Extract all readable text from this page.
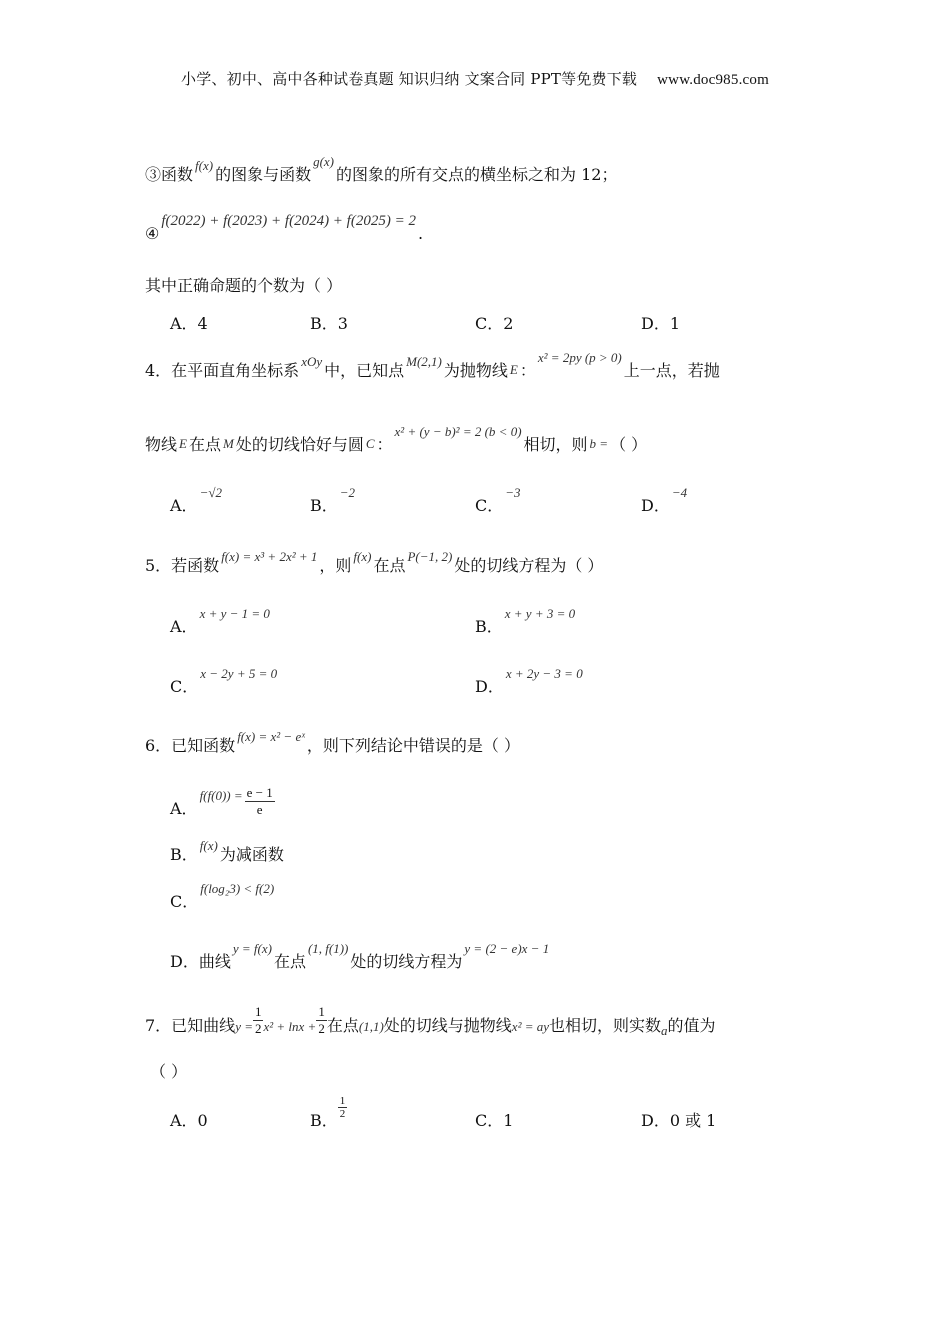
小学、初中、高中各种试卷真题 知识归纳 文案合同 PPT等免费下载 www.doc985.com
③函数 $^{f(x)}$ 的图象与函数$^{g(x)}$的图象的所有交点的横坐标之和为 12；
④f(2022) + f(2023) + f(2024) + f(2025) = 2.
其中正确命题的个数为（ ）
A．4	B．3	C．2	D．1
4．在平面直角坐标系 $^{xOy}$ 中，已知点 $^{M(2,1)}$ 为抛物线 E ：$^{x^2 = 2py (p > 0)}$上一点，若抛
物线 E 在点 M 处的切线恰好与圆 C ：$^{x^2 + (y - b)^2 = 2 (b < 0)}$相切，则 b = （ ）
A．$^{-√2}$
B．$^{-2}$
C．$^{-3}$
D．$^{-4}$
5．若函数 $^{f(x) = x^3 + 2x^2 + 1}$ ，则 $^{f(x)}$ 在点 $^{P(-1, 2)}$ 处的切线方程为（ ）
A．$^{x + y - 1 = 0}$
B．$^{x + y + 3 = 0}$
C．$^{x - 2y + 5 = 0}$
D．$^{x + 2y - 3 = 0}$
6．已知函数 $^{f(x) = x^2 - eˣ}$ ，则下列结论中错误的是（ ）
A．$^{f(f(0)) =} \frac{e - 1}{e}$
B． $^{f(x)}$ 为减函数
C．$^{f(log_23) < f(2)}$
D．曲线$^{y = f(x)}$在点$^{(1, f(1))}$处的切线方程为$^{y = (2 - e)x - 1}$
7．已知曲线$y = \frac{1}{2} x^2 + \ln x + \frac{1}{2}$ 在点(1,1)处的切线与抛物线x² = ay也相切，则实数$_a$的值为
（ ）
A．0	B．
$\frac{1}{2}$
C．1	D．0 或 1
